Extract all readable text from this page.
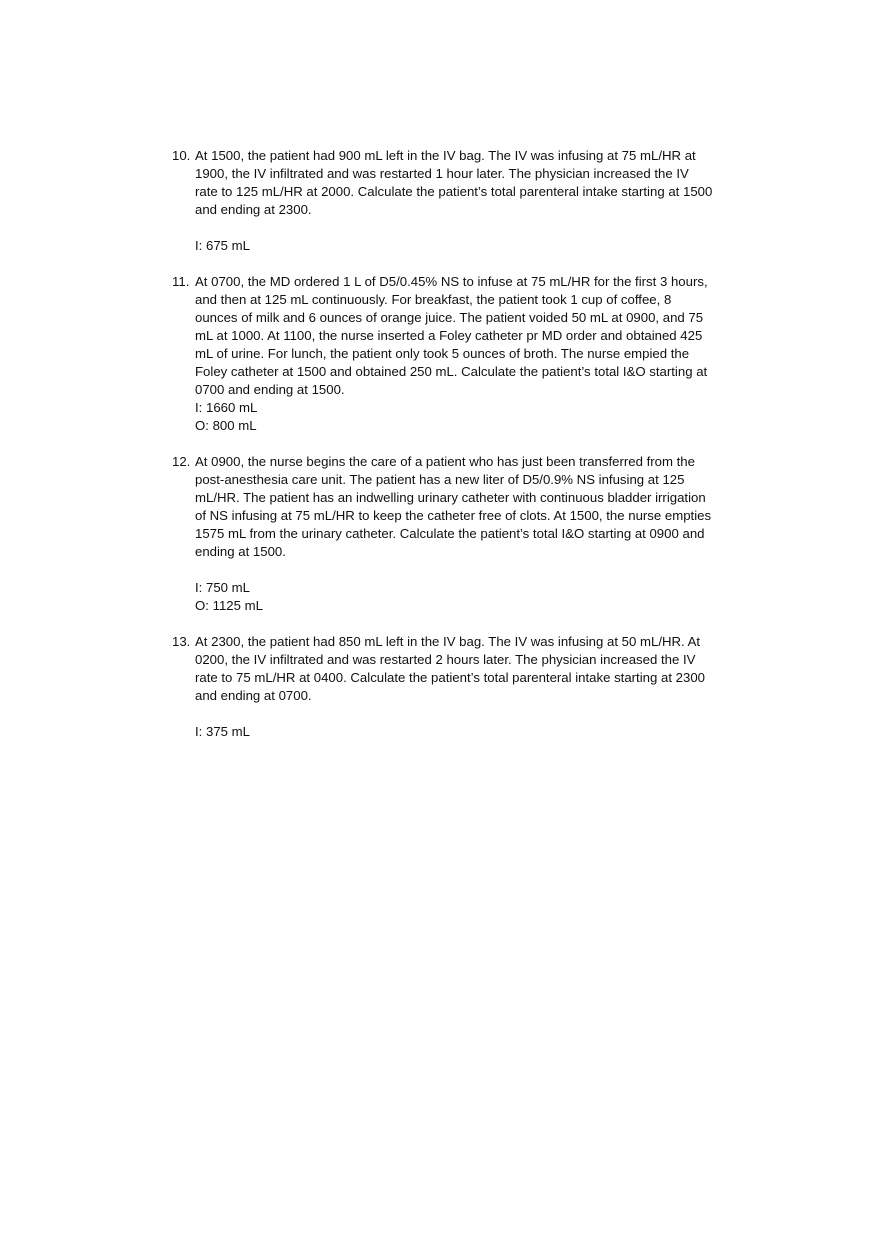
10. At 1500, the patient had 900 mL left in the IV bag. The IV was infusing at 75 mL/HR at
1900, the IV infiltrated and was restarted 1 hour later. The physician increased the IV
rate to 125 mL/HR at 2000. Calculate the patient’s total parenteral intake starting at 1500
and ending at 2300.

I: 675 mL

11. At 0700, the MD ordered 1 L of D5/0.45% NS to infuse at 75 mL/HR for the first 3 hours,
and then at 125 mL continuously. For breakfast, the patient took 1 cup of coffee, 8
ounces of milk and 6 ounces of orange juice. The patient voided 50 mL at 0900, and 75
mL at 1000. At 1100, the nurse inserted a Foley catheter pr MD order and obtained 425
mL of urine. For lunch, the patient only took 5 ounces of broth. The nurse empied the
Foley catheter at 1500 and obtained 250 mL. Calculate the patient’s total I&O starting at
0700 and ending at 1500.

I: 1660 mL

O: 800 mL

12. At 0900, the nurse begins the care of a patient who has just been transferred from the
post-anesthesia care unit. The patient has a new liter of D5/0.9% NS infusing at 125
mL/HR. The patient has an indwelling urinary catheter with continuous bladder irrigation
of NS infusing at 75 mL/HR to keep the catheter free of clots. At 1500, the nurse empties
1575 mL from the urinary catheter. Calculate the patient’s total I&O starting at 0900 and
ending at 1500.

I: 750 mL

O: 1125 mL

13. At 2300, the patient had 850 mL left in the IV bag. The IV was infusing at 50 mL/HR. At
0200, the IV infiltrated and was restarted 2 hours later. The physician increased the IV
rate to 75 mL/HR at 0400. Calculate the patient’s total parenteral intake starting at 2300
and ending at 0700.

I: 375 mL
